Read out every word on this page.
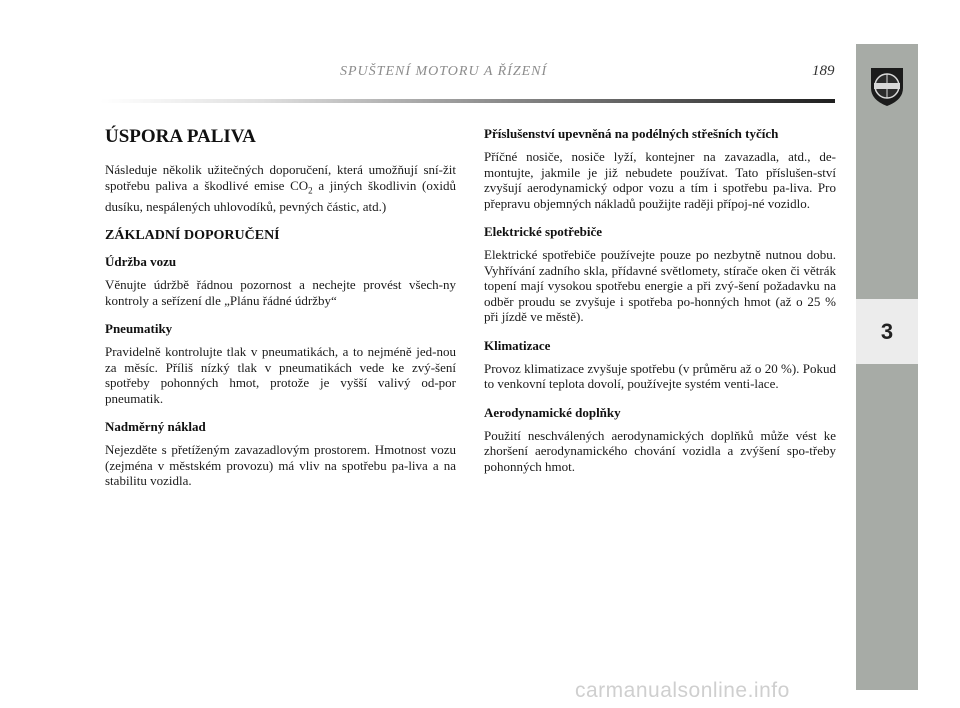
SPUŠTENÍ MOTORU A ŘÍZENÍ	189
3
ÚSPORA PALIVA

Následuje několik užitečných doporučení, která umožňují sní-žit spotřebu paliva a škodlivé emise $CO_2$ a jiných škodlivin (oxidů dusíku, nespálených uhlovodíků, pevných částic, atd.)

ZÁKLADNÍ DOPORUČENÍ
Údržba vozu

Věnujte údržbě řádnou pozornost a nechejte provést všech-ny kontroly a seřízení dle „Plánu řádné údržby“

Pneumatiky

Pravidelně kontrolujte tlak v pneumatikách, a to nejméně jed-nou za měsíc. Příliš nízký tlak v pneumatikách vede ke zvý-šení spotřeby pohonných hmot, protože je vyšší valivý od-por pneumatik.

Nadměrný náklad

Nejezděte s přetíženým zavazadlovým prostorem. Hmotnost vozu (zejména v městském provozu) má vliv na spotřebu pa-liva a na stabilitu vozidla.

Příslušenství upevněná na podélných střešních tyčích

Příčné nosiče, nosiče lyží, kontejner na zavazadla, atd., de-montujte, jakmile je již nebudete používat. Tato příslušen-ství zvyšují aerodynamický odpor vozu a tím i spotřebu pa-liva. Pro přepravu objemných nákladů použijte raději přípoj-né vozidlo.

Elektrické spotřebiče

Elektrické spotřebiče používejte pouze po nezbytně nutnou dobu. Vyhřívání zadního skla, přídavné světlomety, stírače oken či větrák topení mají vysokou spotřebu energie a při zvý-šení požadavku na odběr proudu se zvyšuje i spotřeba po-honných hmot (až o 25 % při jízdě ve městě).

Klimatizace

Provoz klimatizace zvyšuje spotřebu (v průměru až o 20 %). Pokud to venkovní teplota dovolí, používejte systém venti-lace.

Aerodynamické doplňky

Použití neschválených aerodynamických doplňků může vést ke zhoršení aerodynamického chování vozidla a zvýšení spo-třeby pohonných hmot.

carmanualsonline.info
